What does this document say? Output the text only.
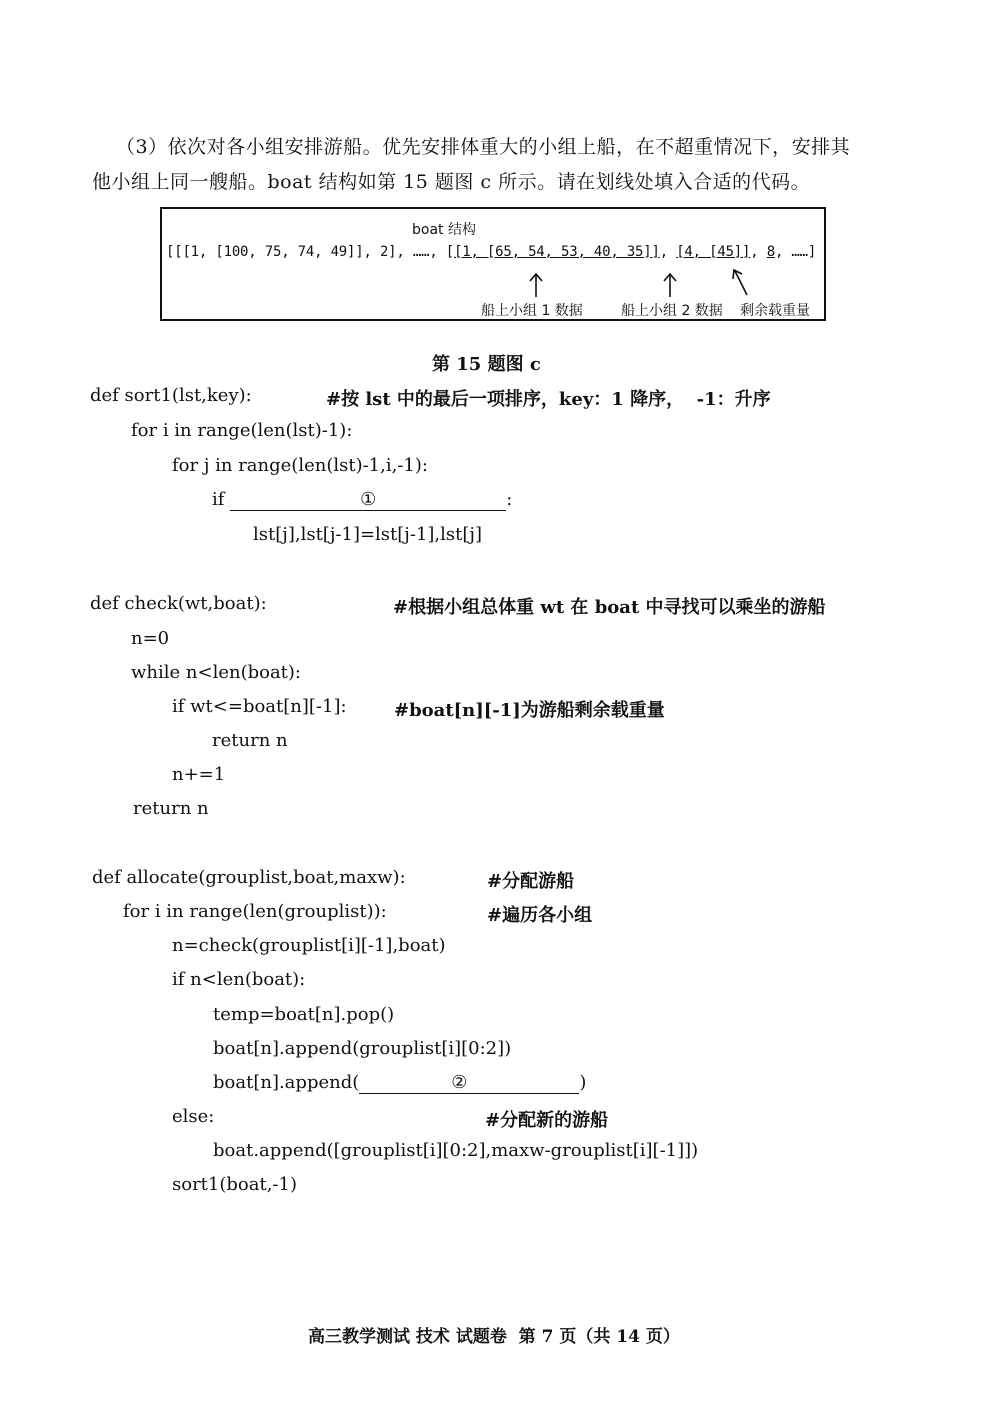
（3）依次对各小组安排游船。优先安排体重大的小组上船，在不超重情况下，安排其
他小组上同一艘船。boat 结构如第 15 题图 c 所示。请在划线处填入合适的代码。
boat 结构
[[[1, [100, 75, 74, 49]], 2], ……, [[1, [65, 54, 53, 40, 35]], [4, [45]], 8, ……]
船上小组 1 数据	船上小组 2 数据 剩余载重量
第 15 题图 c
def sort1(lst,key):	#按 lst 中的最后一项排序，key：1 降序，  -1：升序
for i in range(len(lst)-1):
for j in range(len(lst)-1,i,-1):
if	①	:
lst[j],lst[j-1]=lst[j-1],lst[j]
def check(wt,boat):	#根据小组总体重 wt 在 boat 中寻找可以乘坐的游船
n=0
while n<len(boat):
if wt<=boat[n][-1]:	#boat[n][-1]为游船剩余载重量
return n
n+=1
return n
def allocate(grouplist,boat,maxw):	#分配游船
for i in range(len(grouplist)):	#遍历各小组
n=check(grouplist[i][-1],boat)
if n<len(boat):
temp=boat[n].pop()
boat[n].append(grouplist[i][0:2])
boat[n].append(	②	)
else:	#分配新的游船
boat.append([grouplist[i][0:2],maxw-grouplist[i][-1]])
sort1(boat,-1)
高三教学测试 技术 试题卷  第 7 页（共 14 页）
